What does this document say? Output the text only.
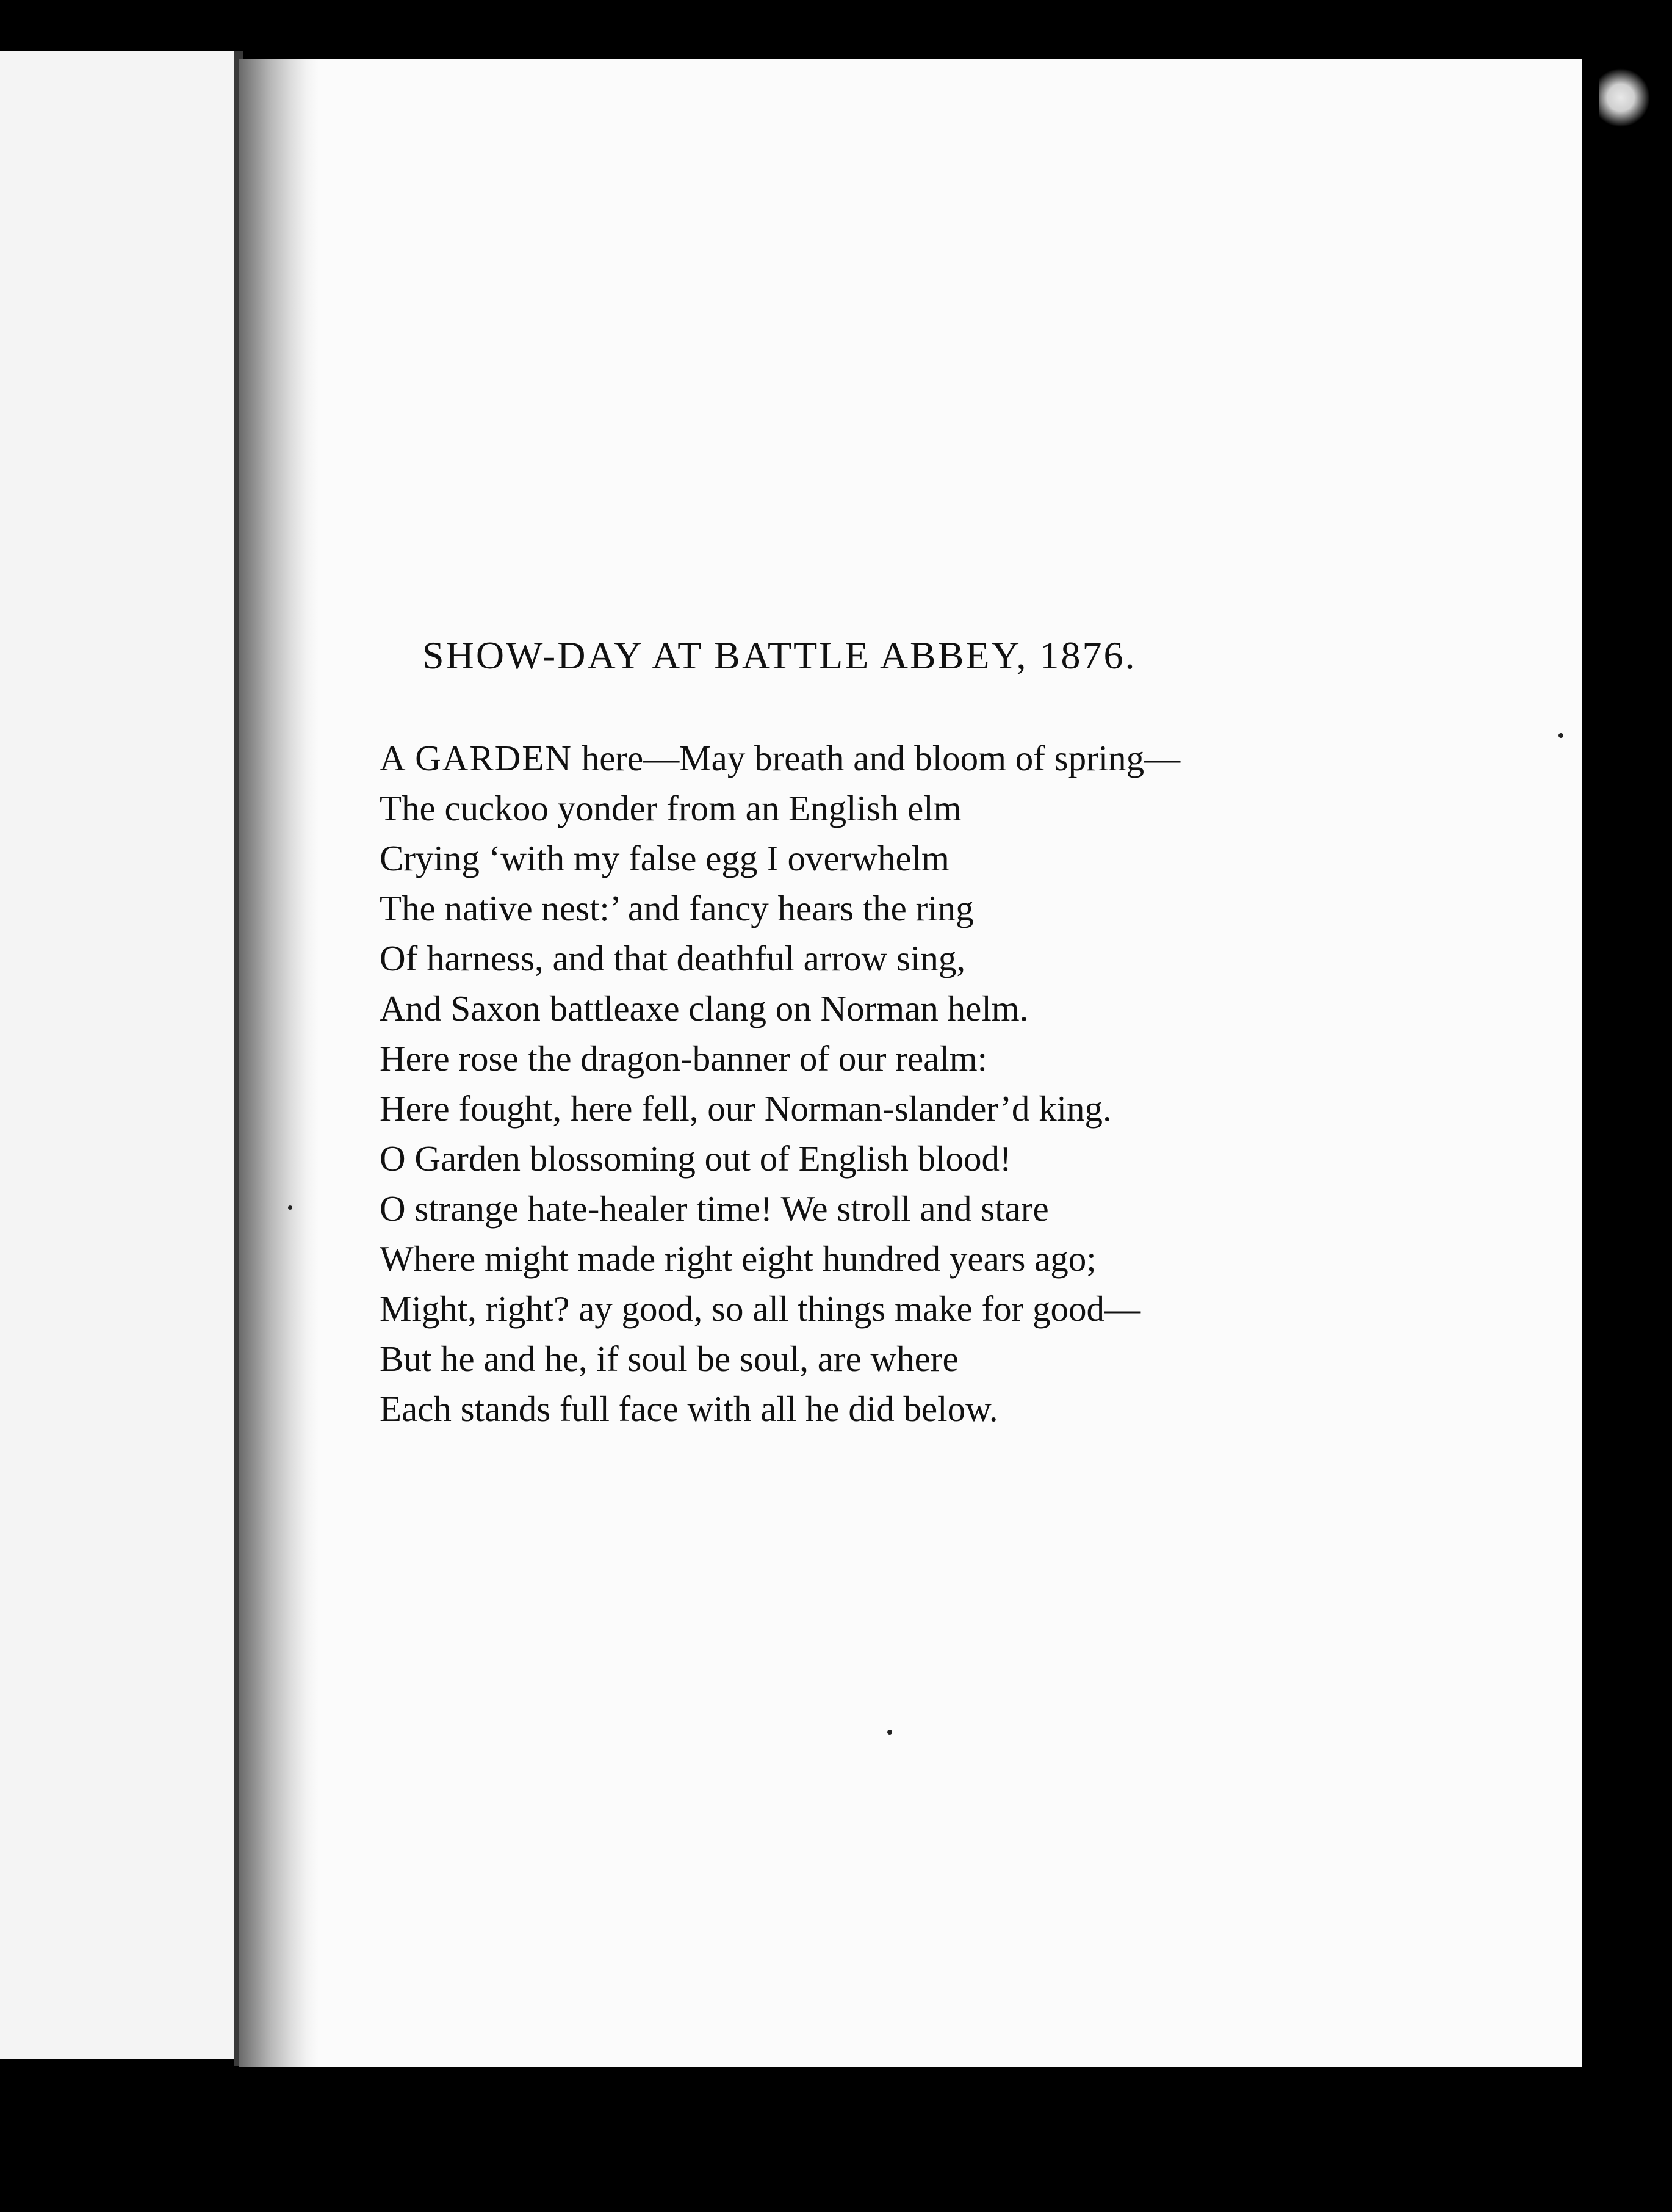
SHOW-DAY AT BATTLE ABBEY, 1876.
A GARDEN here—May breath and bloom of spring—
The cuckoo yonder from an English elm
Crying ‘with my false egg I overwhelm
The native nest:’ and fancy hears the ring
Of harness, and that deathful arrow sing,
And Saxon battleaxe clang on Norman helm.
Here rose the dragon-banner of our realm:
Here fought, here fell, our Norman-slander’d king.
O Garden blossoming out of English blood!
O strange hate-healer time! We stroll and stare
Where might made right eight hundred years ago;
Might, right? ay good, so all things make for good—
But he and he, if soul be soul, are where
Each stands full face with all he did below.
